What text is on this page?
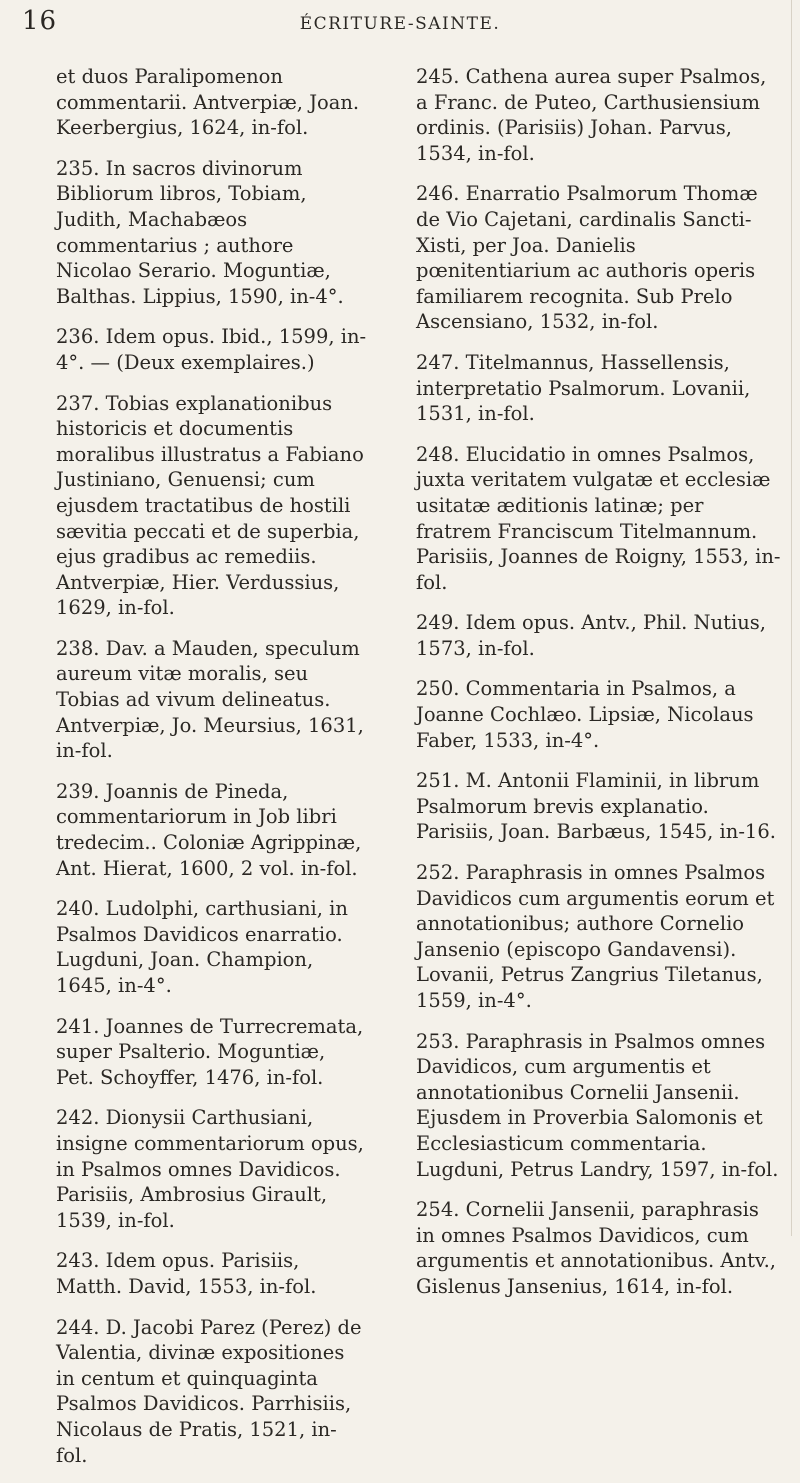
16	ÉCRITURE-SAINTE.

et duos Paralipomenon commentarii. Antverpiæ, Joan. Keerbergius, 1624, in-fol.

235. In sacros divinorum Bibliorum libros, Tobiam, Judith, Machabæos commentarius ; authore Nicolao Serario. Moguntiæ, Balthas. Lippius, 1590, in-4°.

236. Idem opus. Ibid., 1599, in-4°. — (Deux exemplaires.)

237. Tobias explanationibus historicis et documentis moralibus illustratus a Fabiano Justiniano, Genuensi; cum ejusdem tractatibus de hostili sævitia peccati et de superbia, ejus gradibus ac remediis. Antverpiæ, Hier. Verdussius, 1629, in-fol.

238. Dav. a Mauden, speculum aureum vitæ moralis, seu Tobias ad vivum delineatus. Antverpiæ, Jo. Meursius, 1631, in-fol.

239. Joannis de Pineda, commentariorum in Job libri tredecim.. Coloniæ Agrippinæ, Ant. Hierat, 1600, 2 vol. in-fol.

240. Ludolphi, carthusiani, in Psalmos Davidicos enarratio. Lugduni, Joan. Champion, 1645, in-4°.

241. Joannes de Turrecremata, super Psalterio. Moguntiæ, Pet. Schoyffer, 1476, in-fol.

242. Dionysii Carthusiani, insigne commentariorum opus, in Psalmos omnes Davidicos. Parisiis, Ambrosius Girault, 1539, in-fol.

243. Idem opus. Parisiis, Matth. David, 1553, in-fol.

244. D. Jacobi Parez (Perez) de Valentia, divinæ expositiones in centum et quinquaginta Psalmos Davidicos. Parrhisiis, Nicolaus de Pratis, 1521, in-fol.

245. Cathena aurea super Psalmos, a Franc. de Puteo, Carthusiensium ordinis. (Parisiis) Johan. Parvus, 1534, in-fol.

246. Enarratio Psalmorum Thomæ de Vio Cajetani, cardinalis Sancti-Xisti, per Joa. Danielis pœnitentiarium ac authoris operis familiarem recognita. Sub Prelo Ascensiano, 1532, in-fol.

247. Titelmannus, Hassellensis, interpretatio Psalmorum. Lovanii, 1531, in-fol.

248. Elucidatio in omnes Psalmos, juxta veritatem vulgatæ et ecclesiæ usitatæ æditionis latinæ; per fratrem Franciscum Titelmannum. Parisiis, Joannes de Roigny, 1553, in-fol.

249. Idem opus. Antv., Phil. Nutius, 1573, in-fol.

250. Commentaria in Psalmos, a Joanne Cochlæo. Lipsiæ, Nicolaus Faber, 1533, in-4°.

251. M. Antonii Flaminii, in librum Psalmorum brevis explanatio. Parisiis, Joan. Barbæus, 1545, in-16.

252. Paraphrasis in omnes Psalmos Davidicos cum argumentis eorum et annotationibus; authore Cornelio Jansenio (episcopo Gandavensi). Lovanii, Petrus Zangrius Tiletanus, 1559, in-4°.

253. Paraphrasis in Psalmos omnes Davidicos, cum argumentis et annotationibus Cornelii Jansenii. Ejusdem in Proverbia Salomonis et Ecclesiasticum commentaria. Lugduni, Petrus Landry, 1597, in-fol.

254. Cornelii Jansenii, paraphrasis in omnes Psalmos Davidicos, cum argumentis et annotationibus. Antv., Gislenus Jansenius, 1614, in-fol.
